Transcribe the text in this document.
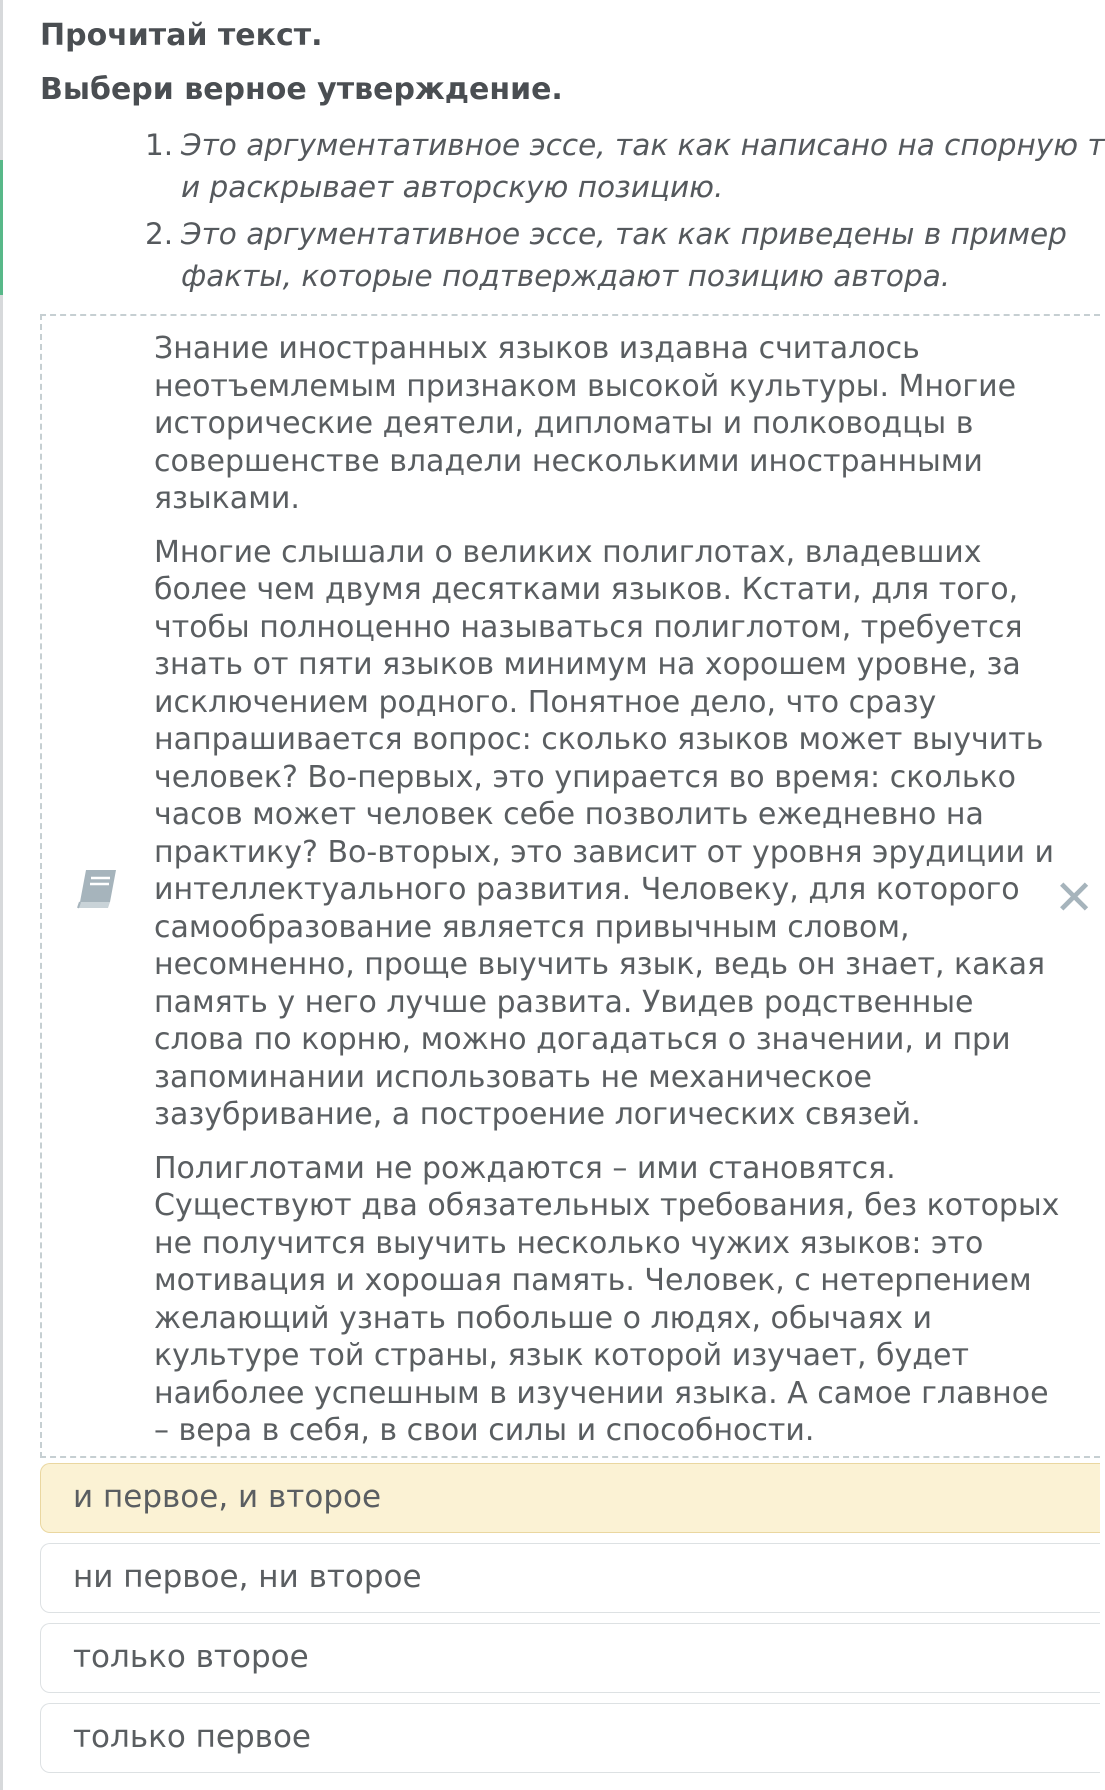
Прочитай текст.
Выбери верное утверждение.
1. Это аргументативное эссе, так как написано на спорную т
и раскрывает авторскую позицию.
2. Это аргументативное эссе, так как приведены в пример
факты, которые подтверждают позицию автора.
✕

Знание иностранных языков издавна считалось неотъемлемым признаком высокой культуры. Многие исторические деятели, дипломаты и полководцы в совершенстве владели несколькими иностранными языками.

Многие слышали о великих полиглотах, владевших более чем двумя десятками языков. Кстати, для того, чтобы полноценно называться полиглотом, требуется знать от пяти языков минимум на хорошем уровне, за исключением родного. Понятное дело, что сразу напрашивается вопрос: сколько языков может выучить человек? Во-первых, это упирается во время: сколько часов может человек себе позволить ежедневно на практику? Во-вторых, это зависит от уровня эрудиции и интеллектуального развития. Человеку, для которого самообразование является привычным словом, несомненно, проще выучить язык, ведь он знает, какая память у него лучше развита. Увидев родственные слова по корню, можно догадаться о значении, и при запоминании использовать не механическое зазубривание, а построение логических связей.

Полиглотами не рождаются – ими становятся. Существуют два обязательных требования, без которых не получится выучить несколько чужих языков: это мотивация и хорошая память. Человек, с нетерпением желающий узнать побольше о людях, обычаях и культуре той страны, язык которой изучает, будет наиболее успешным в изучении языка. А самое главное – вера в себя, в свои силы и способности.

и первое, и второе
ни первое, ни второе
только второе
только первое
